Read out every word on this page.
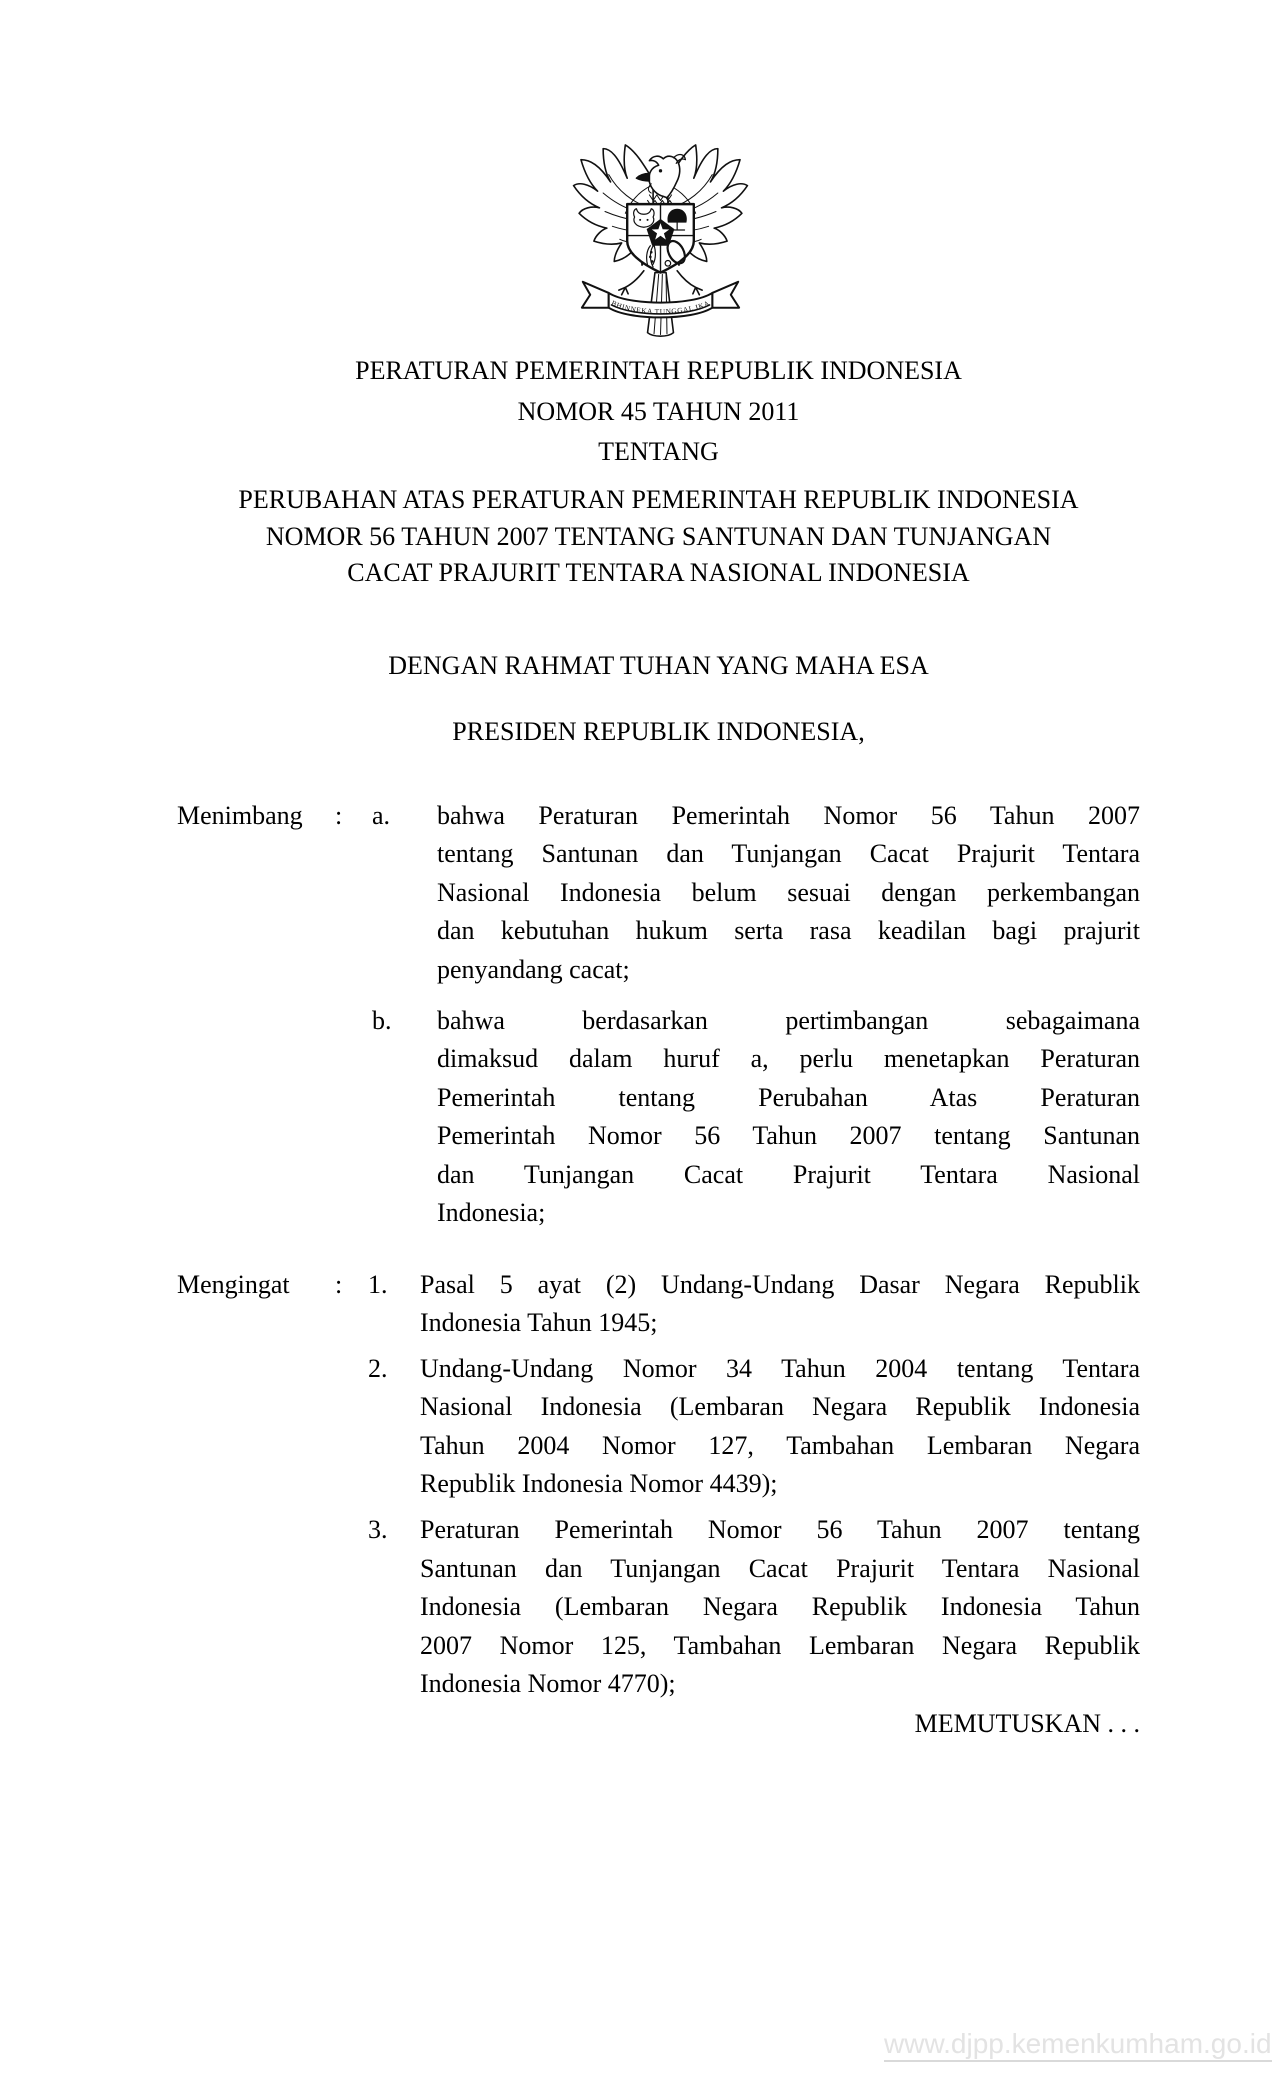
BHINNEKA TUNGGAL IKA
PERATURAN PEMERINTAH REPUBLIK INDONESIA
NOMOR 45 TAHUN 2011
TENTANG
PERUBAHAN ATAS PERATURAN PEMERINTAH REPUBLIK INDONESIA
NOMOR 56 TAHUN 2007 TENTANG SANTUNAN DAN TUNJANGAN
CACAT PRAJURIT TENTARA NASIONAL INDONESIA
DENGAN RAHMAT TUHAN YANG MAHA ESA
PRESIDEN REPUBLIK INDONESIA,
Menimbang	:	a.	bahwa Peraturan Pemerintah Nomor 56 Tahun 2007
tentang Santunan dan Tunjangan Cacat Prajurit Tentara
Nasional Indonesia belum sesuai dengan perkembangan
dan kebutuhan hukum serta rasa keadilan bagi prajurit
penyandang cacat;
b.	bahwa berdasarkan pertimbangan sebagaimana
dimaksud dalam huruf a, perlu menetapkan Peraturan
Pemerintah tentang Perubahan Atas Peraturan
Pemerintah Nomor 56 Tahun 2007 tentang Santunan
dan Tunjangan Cacat Prajurit Tentara Nasional
Indonesia;
Mengingat	: 1.	Pasal 5 ayat (2) Undang-Undang Dasar Negara Republik
Indonesia Tahun 1945;
2.	Undang-Undang Nomor 34 Tahun 2004 tentang Tentara
Nasional Indonesia (Lembaran Negara Republik Indonesia
Tahun 2004 Nomor 127, Tambahan Lembaran Negara
Republik Indonesia Nomor 4439);
3.	Peraturan Pemerintah Nomor 56 Tahun 2007 tentang
Santunan dan Tunjangan Cacat Prajurit Tentara Nasional
Indonesia (Lembaran Negara Republik Indonesia Tahun
2007 Nomor 125, Tambahan Lembaran Negara Republik
Indonesia Nomor 4770);
MEMUTUSKAN . . .
www.djpp.kemenkumham.go.id
